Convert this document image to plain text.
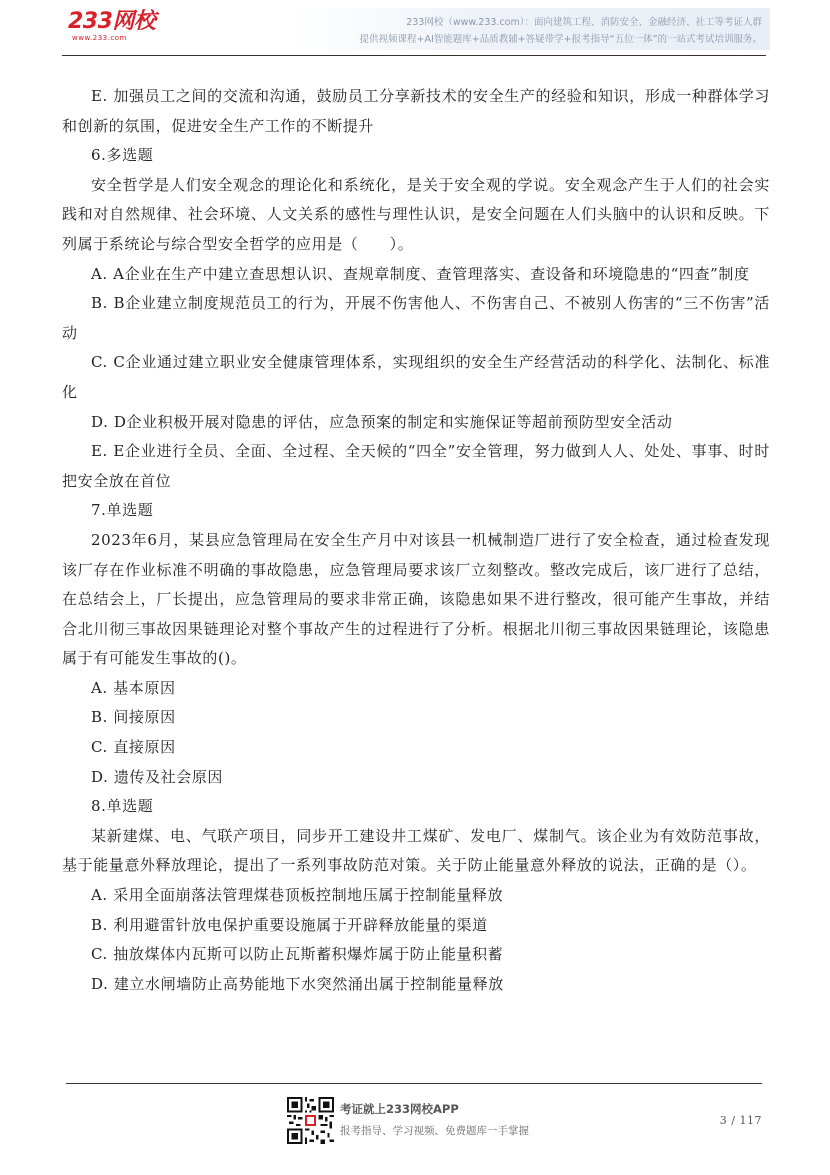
233网校
www.233.com
233网校（www.233.com）：面向建筑工程、消防安全、金融经济、社工等考证人群
提供视频课程+AI智能题库+品质教辅+答疑带学+报考指导“五位一体”的一站式考试培训服务。

E. 加强员工之间的交流和沟通，鼓励员工分享新技术的安全生产的经验和知识，形成一种群体学习和创新的氛围，促进安全生产工作的不断提升

6.多选题

安全哲学是人们安全观念的理论化和系统化，是关于安全观的学说。安全观念产生于人们的社会实践和对自然规律、社会环境、人文关系的感性与理性认识，是安全问题在人们头脑中的认识和反映。下列属于系统论与综合型安全哲学的应用是（　　）。

A. A企业在生产中建立查思想认识、查规章制度、查管理落实、查设备和环境隐患的“四查”制度

B. B企业建立制度规范员工的行为，开展不伤害他人、不伤害自己、不被别人伤害的“三不伤害”活动

C. C企业通过建立职业安全健康管理体系，实现组织的安全生产经营活动的科学化、法制化、标准化

D. D企业积极开展对隐患的评估，应急预案的制定和实施保证等超前预防型安全活动

E. E企业进行全员、全面、全过程、全天候的“四全”安全管理，努力做到人人、处处、事事、时时把安全放在首位

7.单选题

2023年6月，某县应急管理局在安全生产月中对该县一机械制造厂进行了安全检查，通过检查发现该厂存在作业标准不明确的事故隐患，应急管理局要求该厂立刻整改。整改完成后，该厂进行了总结，在总结会上，厂长提出，应急管理局的要求非常正确，该隐患如果不进行整改，很可能产生事故，并结合北川彻三事故因果链理论对整个事故产生的过程进行了分析。根据北川彻三事故因果链理论，该隐患属于有可能发生事故的()。

A. 基本原因

B. 间接原因

C. 直接原因

D. 遗传及社会原因

8.单选题

某新建煤、电、气联产项目，同步开工建设井工煤矿、发电厂、煤制气。该企业为有效防范事故，基于能量意外释放理论，提出了一系列事故防范对策。关于防止能量意外释放的说法，正确的是（）。

A. 采用全面崩落法管理煤巷顶板控制地压属于控制能量释放

B. 利用避雷针放电保护重要设施属于开辟释放能量的渠道

C. 抽放煤体内瓦斯可以防止瓦斯蓄积爆炸属于防止能量积蓄

D. 建立水闸墙防止高势能地下水突然涌出属于控制能量释放

考证就上233网校APP
报考指导、学习视频、免费题库一手掌握
3 / 117
